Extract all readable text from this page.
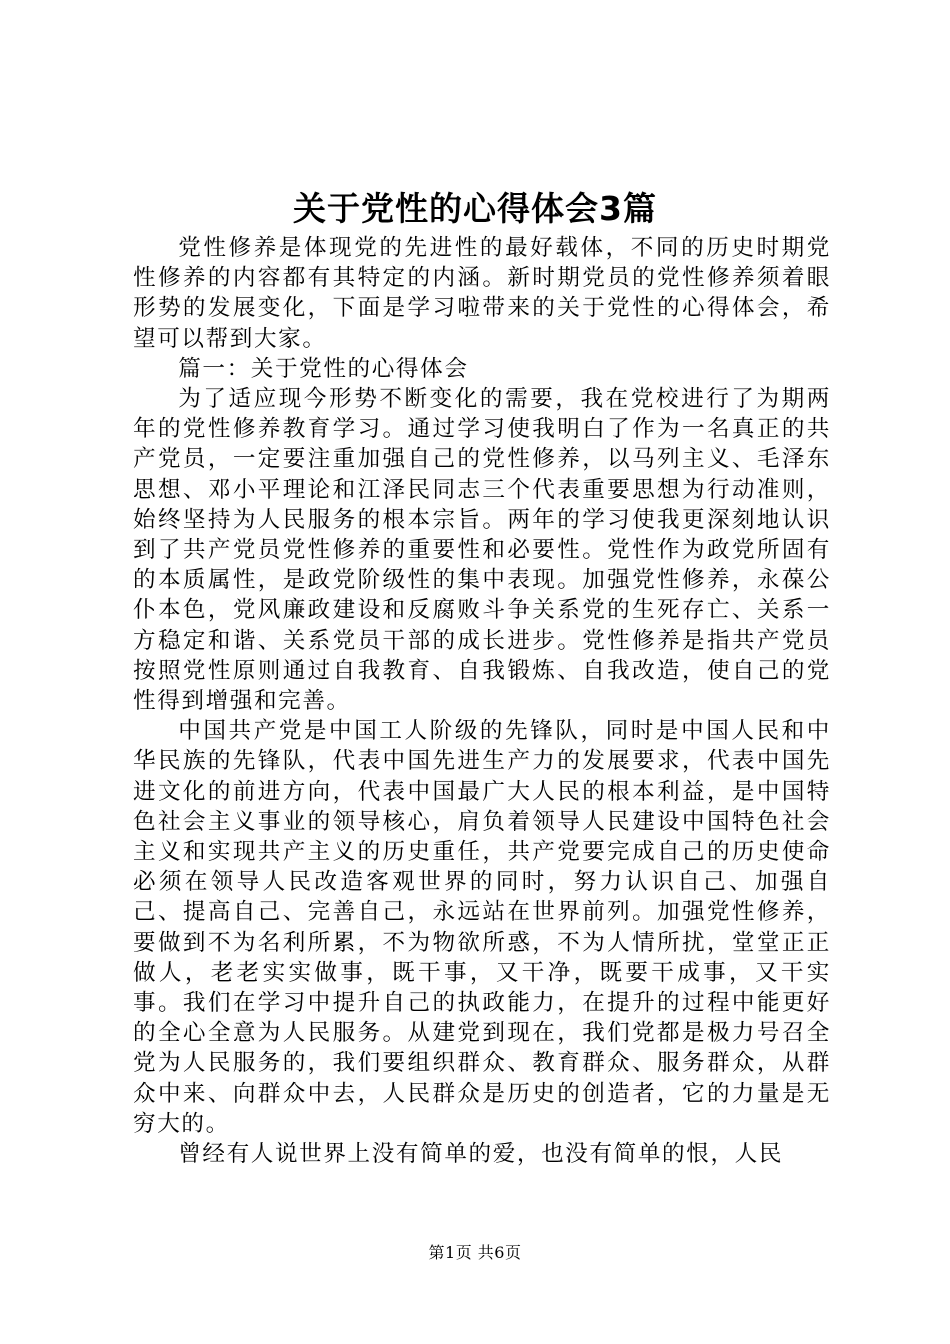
关于党性的心得体会3篇

党性修养是体现党的先进性的最好载体，不同的历史时期党性修养的内容都有其特定的内涵。新时期党员的党性修养须着眼形势的发展变化，下面是学习啦带来的关于党性的心得体会，希望可以帮到大家。

篇一：关于党性的心得体会

为了适应现今形势不断变化的需要，我在党校进行了为期两年的党性修养教育学习。通过学习使我明白了作为一名真正的共产党员，一定要注重加强自己的党性修养，以马列主义、毛泽东思想、邓小平理论和江泽民同志三个代表重要思想为行动准则，始终坚持为人民服务的根本宗旨。两年的学习使我更深刻地认识到了共产党员党性修养的重要性和必要性。党性作为政党所固有的本质属性，是政党阶级性的集中表现。加强党性修养，永葆公仆本色，党风廉政建设和反腐败斗争关系党的生死存亡、关系一方稳定和谐、关系党员干部的成长进步。党性修养是指共产党员按照党性原则通过自我教育、自我锻炼、自我改造，使自己的党性得到增强和完善。

中国共产党是中国工人阶级的先锋队，同时是中国人民和中华民族的先锋队，代表中国先进生产力的发展要求，代表中国先进文化的前进方向，代表中国最广大人民的根本利益，是中国特色社会主义事业的领导核心，肩负着领导人民建设中国特色社会主义和实现共产主义的历史重任，共产党要完成自己的历史使命必须在领导人民改造客观世界的同时，努力认识自己、加强自己、提高自己、完善自己，永远站在世界前列。加强党性修养，要做到不为名利所累，不为物欲所惑，不为人情所扰，堂堂正正做人，老老实实做事，既干事，又干净，既要干成事，又干实事。我们在学习中提升自己的执政能力，在提升的过程中能更好的全心全意为人民服务。从建党到现在，我们党都是极力号召全党为人民服务的，我们要组织群众、教育群众、服务群众，从群众中来、向群众中去，人民群众是历史的创造者，它的力量是无穷大的。

曾经有人说世界上没有简单的爱，也没有简单的恨，人民

第1页 共6页
